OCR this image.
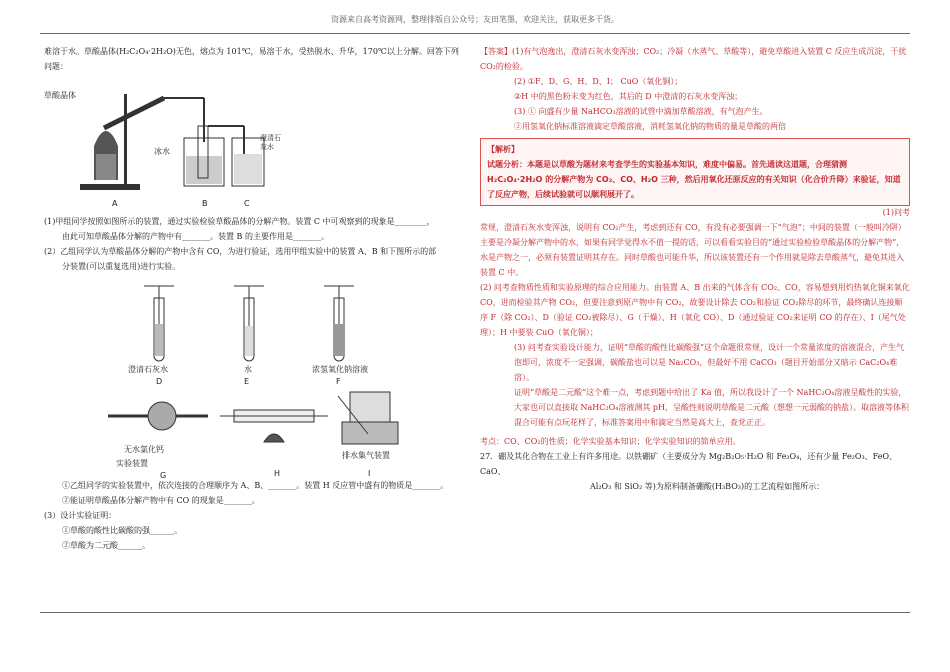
资源来自高考资源网，整理排版自公众号；友田笔墨，欢迎关注，获取更多干货。

难溶于水。草酸晶体(H₂C₂O₄·2H₂O)无色，熔点为 101℃，易溶于水，受热脱水、升华，170℃以上分解。回答下列问题：

草酸晶体
冰水
澄清石灰水
A	B	C

(1)甲组同学按照如图所示的装置，通过实验检验草酸晶体的分解产物。装置 C 中可观察到的现象是________，

由此可知草酸晶体分解的产物中有_______。装置 B 的主要作用是_______。

(2）乙组同学认为草酸晶体分解的产物中含有 CO，为进行验证，选用甲组实验中的装置 A、B 和下图所示的部

分装置(可以重复选用)进行实验。

澄清石灰水
D
水
E
浓氢氧化钠溶液
F
无水氯化钙
实验装置
G	H
排水集气装置
I

①乙组同学的实验装置中，依次连接的合理顺序为 A、B、_______。装置 H 反应管中盛有的物质是_______。

②能证明草酸晶体分解产物中有 CO 的现象是_______。

(3）设计实验证明：

①草酸的酸性比碳酸的强______。

②草酸为二元酸______。

【答案】(1)有气泡逸出，澄清石灰水变浑浊；CO₂；冷凝（水蒸气、草酸等），避免草酸进入装置 C 反应生成沉淀，干扰 CO₂的检验。

(2) ①F、D、G、H、D、I； CuO（氧化铜）；

②H 中的黑色粉末变为红色，其后的 D 中澄清的石灰水变浑浊；

(3) ① 向盛有少量 NaHCO₃溶液的试管中滴加草酸溶液，有气泡产生。

②用氢氧化钠标准溶液滴定草酸溶液，消耗氢氧化钠的物质的量是草酸的两倍

【解析】

试题分析：本题是以草酸为题材来考查学生的实验基本知识，难度中偏易。首先通读这道题，合理猜测 H₂C₂O₄·2H₂O 的分解产物为 CO₂、CO、H₂O 三种，然后用氧化还原反应的有关知识（化合价升降）来验证，知道了反应产物，后续试验就可以顺利展开了。

(1)问考

常规，澄清石灰水变浑浊，说明有 CO₂产生，考虑到还有 CO，有没有必要强调一下“气泡”；中间的装置（一般叫冷阱）主要是冷凝分解产物中的水，如果有同学觉得水不值一提的话，可以看看实验目的“通过实验检验草酸晶体的分解产物”，水是产物之一，必须有装置证明其存在。同时草酸也可能升华，所以该装置还有一个作用就是除去草酸蒸气，避免其进入装置 C 中。

(2) 问考查物质性质和实验原理的综合应用能力。由装置 A、B 出来的气体含有 CO₂、CO，容易想到用灼热氧化铜来氧化 CO，进而检验其产物 CO₂，但要注意到原产物中有 CO₂，故要设计除去 CO₂和验证 CO₂除尽的环节，最终确认连接顺序 F（除 CO₂）、D（验证 CO₂被除尽）、G（干燥）、H（氧化 CO）、D（通过验证 CO₂来证明 CO 的存在）、I（尾气处理）；H 中要装 CuO（氧化铜）；

(3) 问考查实验设计能力，证明“草酸的酸性比碳酸强”这个命题很常规，设计一个常量浓度的溶液混合，产生气泡即可，浓度不一定强调，碳酸盐也可以是 Na₂CO₃，但最好不用 CaCO₃（题目开始部分又暗示 CaC₂O₄难溶）。

证明“草酸是二元酸”这个难一点，考虑到题中给出了 Ka 值，所以我设计了一个 NaHC₂O₄溶液呈酸性的实验，大家也可以直接取 NaHC₂O₄溶液测其 pH，呈酸性则说明草酸是二元酸（想想一元弱酸的钠盐）。取溶液等体积混合可能有点玩花样了，标准答案用中和滴定当然是高大上，查党正正。

考点：CO、CO₂的性质；化学实验基本知识；化学实验知识的简单应用。

27．硼及其化合物在工业上有许多用途。以铁硼矿（主要成分为 Mg₂B₂O₅·H₂O 和 Fe₃O₄，还有少量 Fe₂O₃、FeO、CaO、

Al₂O₃ 和 SiO₂ 等)为原料制备硼酸(H₃BO₃)的工艺流程如图所示：
